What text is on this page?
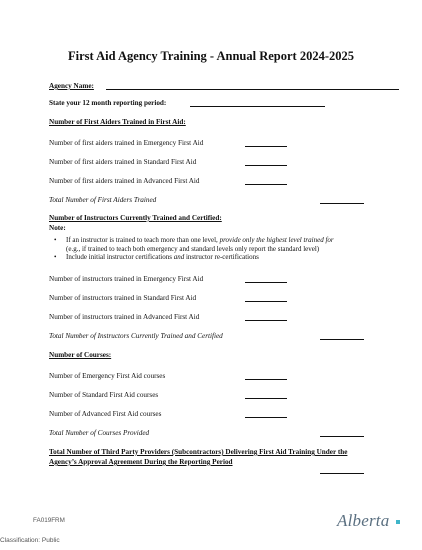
First Aid Agency Training - Annual Report 2024-2025
Agency Name:
State your 12 month reporting period:
Number of First Aiders Trained in First Aid:
Number of first aiders trained in Emergency First Aid
Number of first aiders trained in Standard First Aid
Number of first aiders trained in Advanced First Aid
Total Number of First Aiders Trained
Number of Instructors Currently Trained and Certified:
Note:
• If an instructor is trained to teach more than one level, provide only the highest level trained for
(e.g., if trained to teach both emergency and standard levels only report the standard level)
• Include initial instructor certifications and instructor re-certifications
Number of instructors trained in Emergency First Aid
Number of instructors trained in Standard First Aid
Number of instructors trained in Advanced First Aid
Total Number of Instructors Currently Trained and Certified
Number of Courses:
Number of Emergency First Aid courses
Number of Standard First Aid courses
Number of Advanced First Aid courses
Total Number of Courses Provided
Total Number of Third Party Providers (Subcontractors) Delivering First Aid Training Under the
Agency’s Approval Agreement During the Reporting Period
FA019FRM
Classification: Public
Alberta
